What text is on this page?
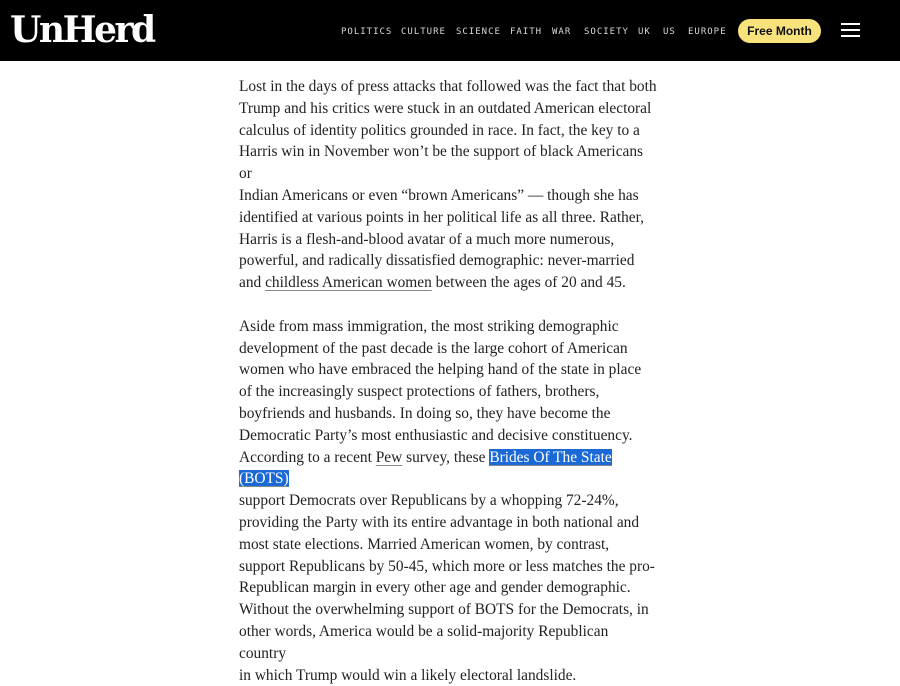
UnHerd	POLITICS CULTURE SCIENCE FAITH WAR SOCIETY UK US EUROPE	Free Month

Lost in the days of press attacks that followed was the fact that both
Trump and his critics were stuck in an outdated American electoral
calculus of identity politics grounded in race. In fact, the key to a
Harris win in November won’t be the support of black Americans or
Indian Americans or even “brown Americans” — though she has
identified at various points in her political life as all three. Rather,
Harris is a flesh-and-blood avatar of a much more numerous,
powerful, and radically dissatisfied demographic: never-married
and childless American women between the ages of 20 and 45.

Aside from mass immigration, the most striking demographic
development of the past decade is the large cohort of American
women who have embraced the helping hand of the state in place
of the increasingly suspect protections of fathers, brothers,
boyfriends and husbands. In doing so, they have become the
Democratic Party’s most enthusiastic and decisive constituency.
According to a recent Pew survey, these Brides Of The State (BOTS)
support Democrats over Republicans by a whopping 72-24%,
providing the Party with its entire advantage in both national and
most state elections. Married American women, by contrast,
support Republicans by 50-45, which more or less matches the pro-
Republican margin in every other age and gender demographic.
Without the overwhelming support of BOTS for the Democrats, in
other words, America would be a solid-majority Republican country
in which Trump would win a likely electoral landslide.
